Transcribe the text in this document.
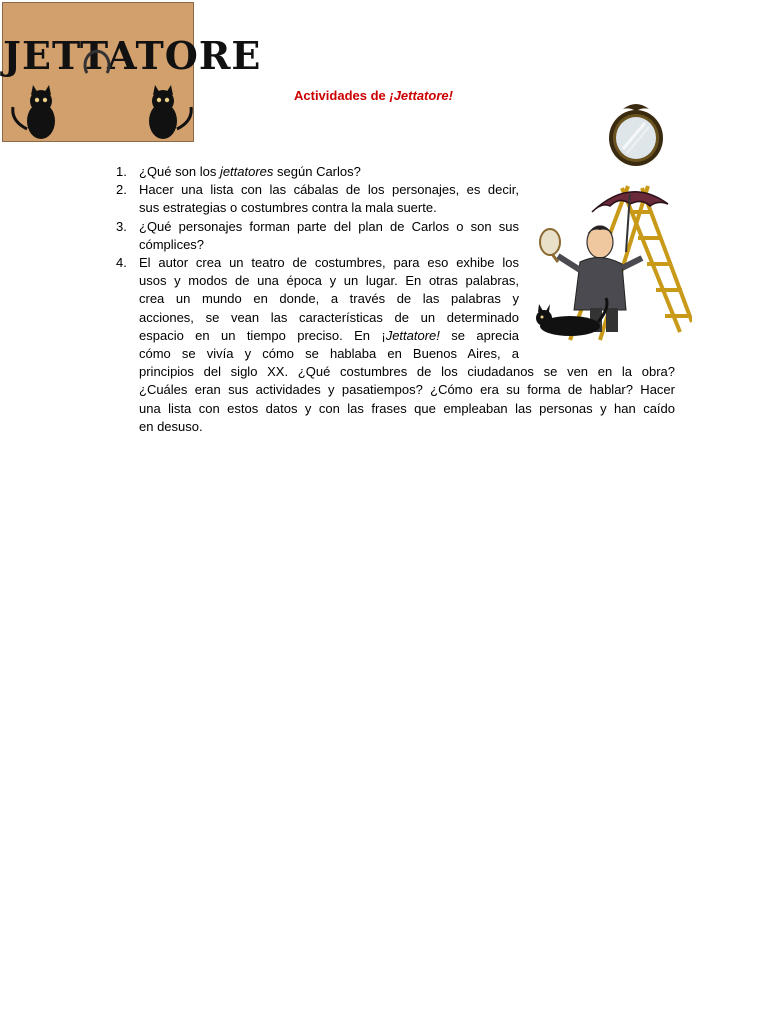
JETTATORE
Actividades de ¡Jettatore!
1. ¿Qué son los jettatores según Carlos?

2. Hacer una lista con las cábalas de los personajes, es decir,

sus estrategias o costumbres contra la mala suerte.

3. ¿Qué personajes forman parte del plan de Carlos o son sus

cómplices?

4. El autor crea un teatro de costumbres, para eso exhibe los

usos y modos de una época y un lugar. En otras palabras,

crea un mundo en donde, a través de las palabras y

acciones, se vean las características de un determinado

espacio en un tiempo preciso. En ¡Jettatore! se aprecia

cómo se vivía y cómo se hablaba en Buenos Aires, a

principios del siglo XX. ¿Qué costumbres de los ciudadanos se ven en la obra?

¿Cuáles eran sus actividades y pasatiempos? ¿Cómo era su forma de hablar? Hacer

una lista con estos datos y con las frases que empleaban las personas y han caído

en desuso.
